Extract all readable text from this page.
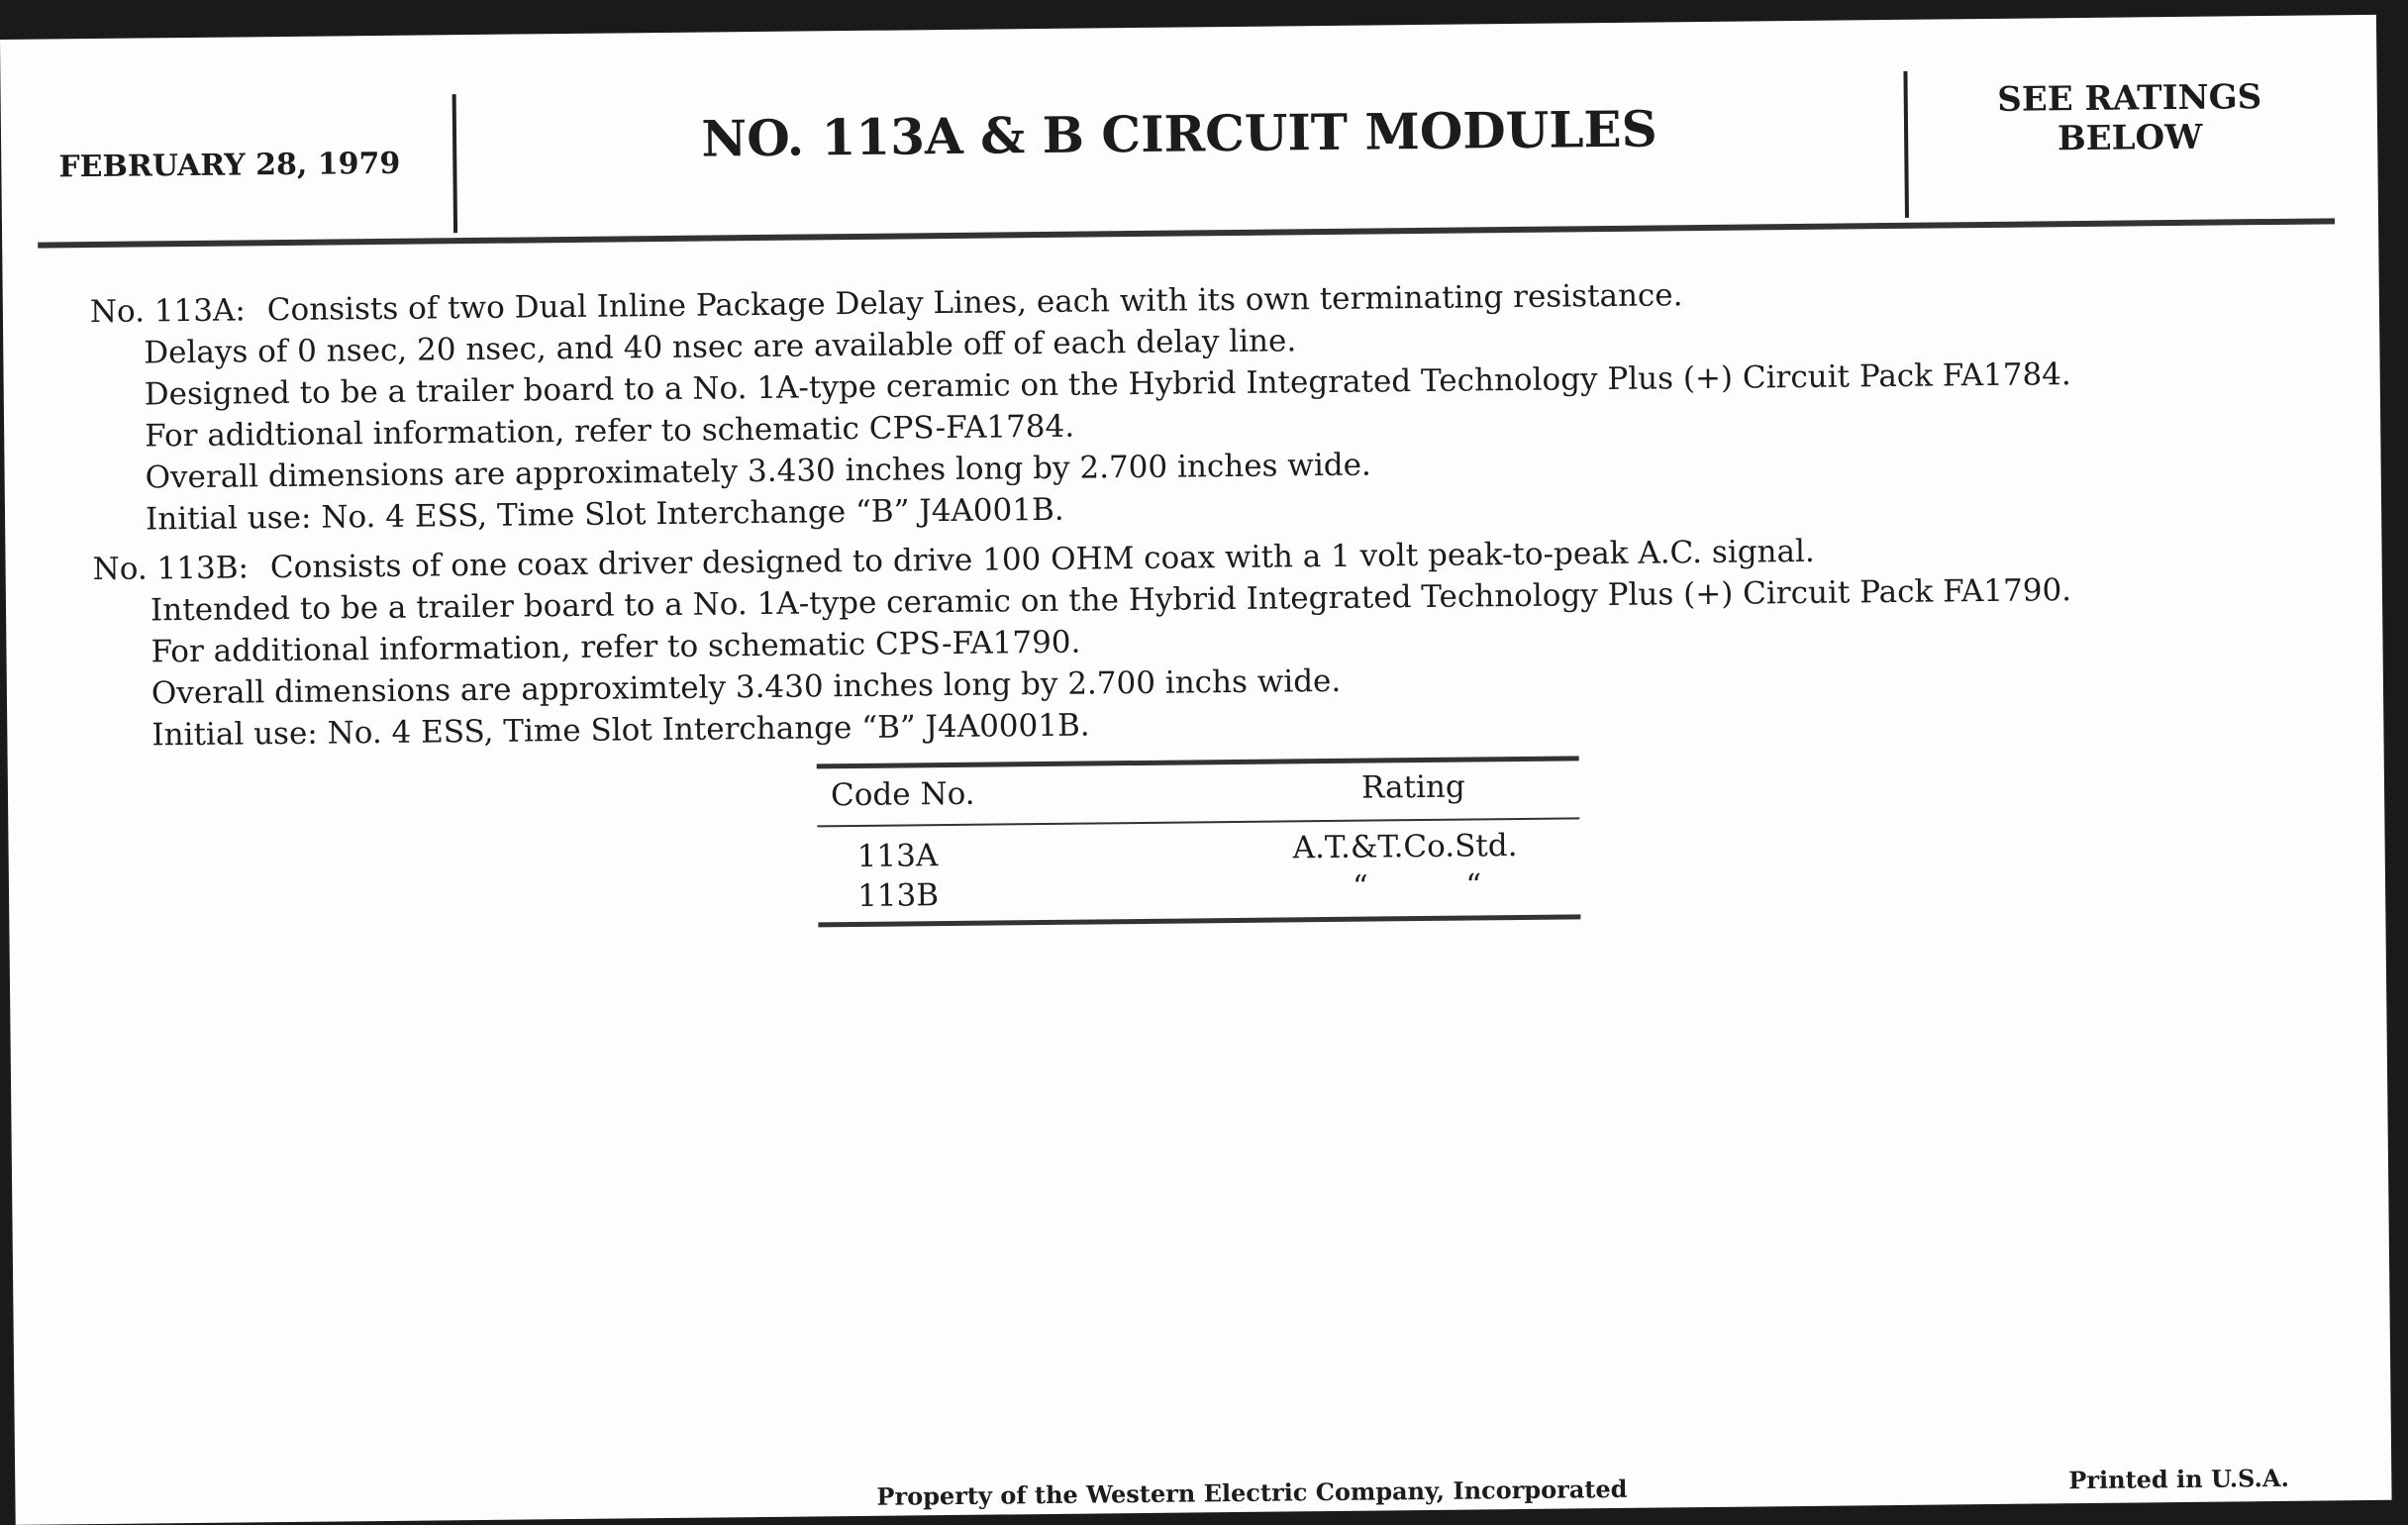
FEBRUARY 28, 1979	NO. 113A & B CIRCUIT MODULES
SEE RATINGS
BELOW
No. 113A: Consists of two Dual Inline Package Delay Lines, each with its own terminating resistance.
Delays of 0 nsec, 20 nsec, and 40 nsec are available off of each delay line.
Designed to be a trailer board to a No. 1A-type ceramic on the Hybrid Integrated Technology Plus (+) Circuit Pack FA1784.
For adidtional information, refer to schematic CPS-FA1784.
Overall dimensions are approximately 3.430 inches long by 2.700 inches wide.
Initial use: No. 4 ESS, Time Slot Interchange “B” J4A001B.
No. 113B: Consists of one coax driver designed to drive 100 OHM coax with a 1 volt peak-to-peak A.C. signal.
Intended to be a trailer board to a No. 1A-type ceramic on the Hybrid Integrated Technology Plus (+) Circuit Pack FA1790.
For additional information, refer to schematic CPS-FA1790.
Overall dimensions are approximtely 3.430 inches long by 2.700 inchs wide.
Initial use: No. 4 ESS, Time Slot Interchange “B” J4A0001B.
Code No.	Rating
113A	A.T.&T.Co.Std.
113B	“          “
Property of the Western Electric Company, Incorporated	Printed in U.S.A.
